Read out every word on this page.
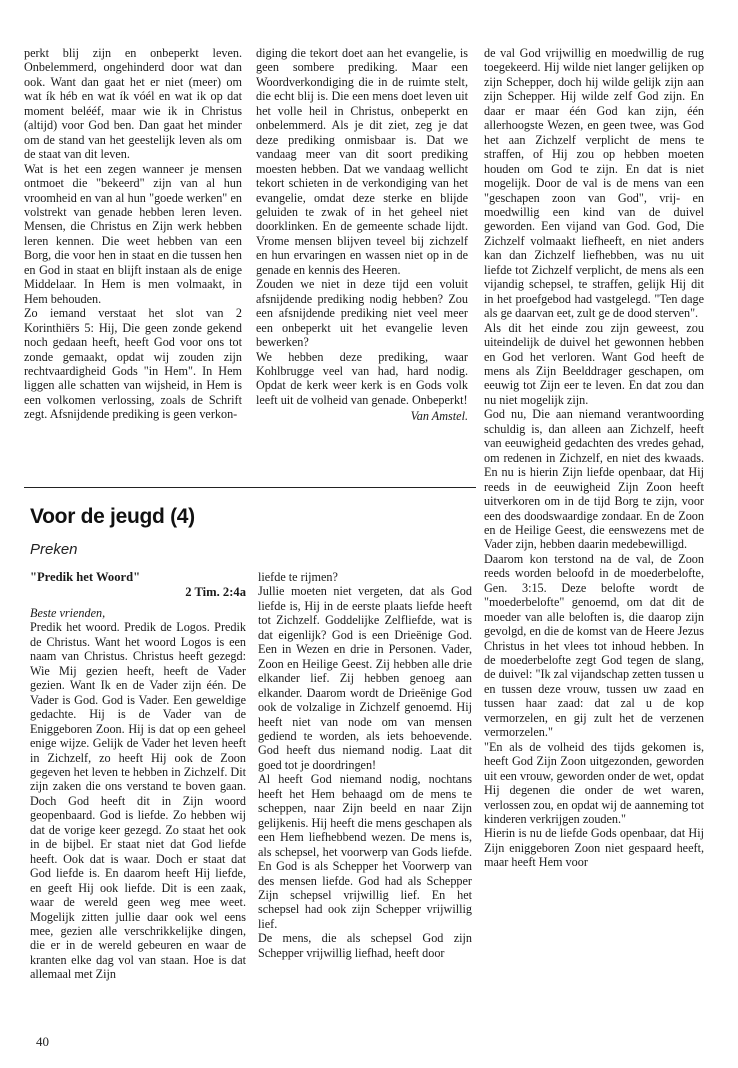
perkt blij zijn en onbeperkt leven. Onbelemmerd, ongehinderd door wat dan ook. Want dan gaat het er niet (meer) om wat ík héb en wat ík vóél en wat ik op dat moment belééf, maar wie ik in Christus (altijd) voor God ben. Dan gaat het minder om de stand van het geestelijk leven als om de staat van dit leven.

Wat is het een zegen wanneer je mensen ontmoet die "bekeerd" zijn van al hun vroomheid en van al hun "goede werken" en volstrekt van genade hebben leren leven. Mensen, die Christus en Zijn werk hebben leren kennen. Die weet hebben van een Borg, die voor hen in staat en die tussen hen en God in staat en blijft instaan als de enige Middelaar. In Hem is men volmaakt, in Hem behouden.

Zo iemand verstaat het slot van 2 Korinthiërs 5: Hij, Die geen zonde gekend noch gedaan heeft, heeft God voor ons tot zonde gemaakt, opdat wij zouden zijn rechtvaardigheid Gods "in Hem". In Hem liggen alle schatten van wijsheid, in Hem is een volkomen verlossing, zoals de Schrift zegt. Afsnijdende prediking is geen verkon-

diging die tekort doet aan het evangelie, is geen sombere prediking. Maar een Woordverkondiging die in de ruimte stelt, die echt blij is. Die een mens doet leven uit het volle heil in Christus, onbeperkt en onbelemmerd. Als je dit ziet, zeg je dat deze prediking onmisbaar is. Dat we vandaag meer van dit soort prediking moesten hebben. Dat we vandaag wellicht tekort schieten in de verkondiging van het evangelie, omdat deze sterke en blijde geluiden te zwak of in het geheel niet doorklinken. En de gemeente schade lijdt. Vrome mensen blijven teveel bij zichzelf en hun ervaringen en wassen niet op in de genade en kennis des Heeren.

Zouden we niet in deze tijd een voluit afsnijdende prediking nodig hebben? Zou een afsnijdende prediking niet veel meer een onbeperkt uit het evangelie leven bewerken?

We hebben deze prediking, waar Kohlbrugge veel van had, hard nodig. Opdat de kerk weer kerk is en Gods volk leeft uit de volheid van genade. Onbeperkt!

Van Amstel.

de val God vrijwillig en moedwillig de rug toegekeerd. Hij wilde niet langer gelijken op zijn Schepper, doch hij wilde gelijk zijn aan zijn Schepper. Hij wilde zelf God zijn. En daar er maar één God kan zijn, één allerhoogste Wezen, en geen twee, was God het aan Zichzelf verplicht de mens te straffen, of Hij zou op hebben moeten houden om God te zijn. En dat is niet mogelijk. Door de val is de mens van een "geschapen zoon van God", vrij- en moedwillig een kind van de duivel geworden. Een vijand van God. God, Die Zichzelf volmaakt liefheeft, en niet anders kan dan Zichzelf liefhebben, was nu uit liefde tot Zichzelf verplicht, de mens als een vijandig schepsel, te straffen, gelijk Hij dit in het proefgebod had vastgelegd. "Ten dage als ge daarvan eet, zult ge de dood sterven".

Als dit het einde zou zijn geweest, zou uiteindelijk de duivel het gewonnen hebben en God het verloren. Want God heeft de mens als Zijn Beelddrager geschapen, om eeuwig tot Zijn eer te leven. En dat zou dan nu niet mogelijk zijn.

God nu, Die aan niemand verantwoording schuldig is, dan alleen aan Zichzelf, heeft van eeuwigheid gedachten des vredes gehad, om redenen in Zichzelf, en niet des kwaads. En nu is hierin Zijn liefde openbaar, dat Hij reeds in de eeuwigheid Zijn Zoon heeft uitverkoren om in de tijd Borg te zijn, voor een des doodswaardige zondaar. En de Zoon en de Heilige Geest, die eenswezens met de Vader zijn, hebben daarin medebewilligd.

Daarom kon terstond na de val, de Zoon reeds worden beloofd in de moederbelofte, Gen. 3:15. Deze belofte wordt de "moederbelofte" genoemd, om dat dit de moeder van alle beloften is, die daarop zijn gevolgd, en die de komst van de Heere Jezus Christus in het vlees tot inhoud hebben. In de moederbelofte zegt God tegen de slang, de duivel: "Ik zal vijandschap zetten tussen u en tussen deze vrouw, tussen uw zaad en tussen haar zaad: dat zal u de kop vermorzelen, en gij zult het de verzenen vermorzelen."

"En als de volheid des tijds gekomen is, heeft God Zijn Zoon uitgezonden, geworden uit een vrouw, geworden onder de wet, opdat Hij degenen die onder de wet waren, verlossen zou, en opdat wij de aanneming tot kinderen verkrijgen zouden."

Hierin is nu de liefde Gods openbaar, dat Hij Zijn eniggeboren Zoon niet gespaard heeft, maar heeft Hem voor

Voor de jeugd (4)
Preken
"Predik het Woord"
2 Tim. 2:4a

Beste vrienden,

Predik het woord. Predik de Logos. Predik de Christus. Want het woord Logos is een naam van Christus. Christus heeft gezegd: Wie Mij gezien heeft, heeft de Vader gezien. Want Ik en de Vader zijn één. De Vader is God. God is Vader. Een geweldige gedachte. Hij is de Vader van de Eniggeboren Zoon. Hij is dat op een geheel enige wijze. Gelijk de Vader het leven heeft in Zichzelf, zo heeft Hij ook de Zoon gegeven het leven te hebben in Zichzelf. Dit zijn zaken die ons verstand te boven gaan. Doch God heeft dit in Zijn woord geopenbaard. God is liefde. Zo hebben wij dat de vorige keer gezegd. Zo staat het ook in de bijbel. Er staat niet dat God liefde heeft. Ook dat is waar. Doch er staat dat God liefde is. En daarom heeft Hij liefde, en geeft Hij ook liefde. Dit is een zaak, waar de wereld geen weg mee weet. Mogelijk zitten jullie daar ook wel eens mee, gezien alle verschrikkelijke dingen, die er in de wereld gebeuren en waar de kranten elke dag vol van staan. Hoe is dat allemaal met Zijn

liefde te rijmen?

Jullie moeten niet vergeten, dat als God liefde is, Hij in de eerste plaats liefde heeft tot Zichzelf. Goddelijke Zelfliefde, wat is dat eigenlijk? God is een Drieënige God. Een in Wezen en drie in Personen. Vader, Zoon en Heilige Geest. Zij hebben alle drie elkander lief. Zij hebben genoeg aan elkander. Daarom wordt de Drieënige God ook de volzalige in Zichzelf genoemd. Hij heeft niet van node om van mensen gediend te worden, als iets behoevende. God heeft dus niemand nodig. Laat dit goed tot je doordringen!

Al heeft God niemand nodig, nochtans heeft het Hem behaagd om de mens te scheppen, naar Zijn beeld en naar Zijn gelijkenis. Hij heeft die mens geschapen als een Hem liefhebbend wezen. De mens is, als schepsel, het voorwerp van Gods liefde. En God is als Schepper het Voorwerp van des mensen liefde. God had als Schepper Zijn schepsel vrijwillig lief. En het schepsel had ook zijn Schepper vrijwillig lief.

De mens, die als schepsel God zijn Schepper vrijwillig liefhad, heeft door

40
